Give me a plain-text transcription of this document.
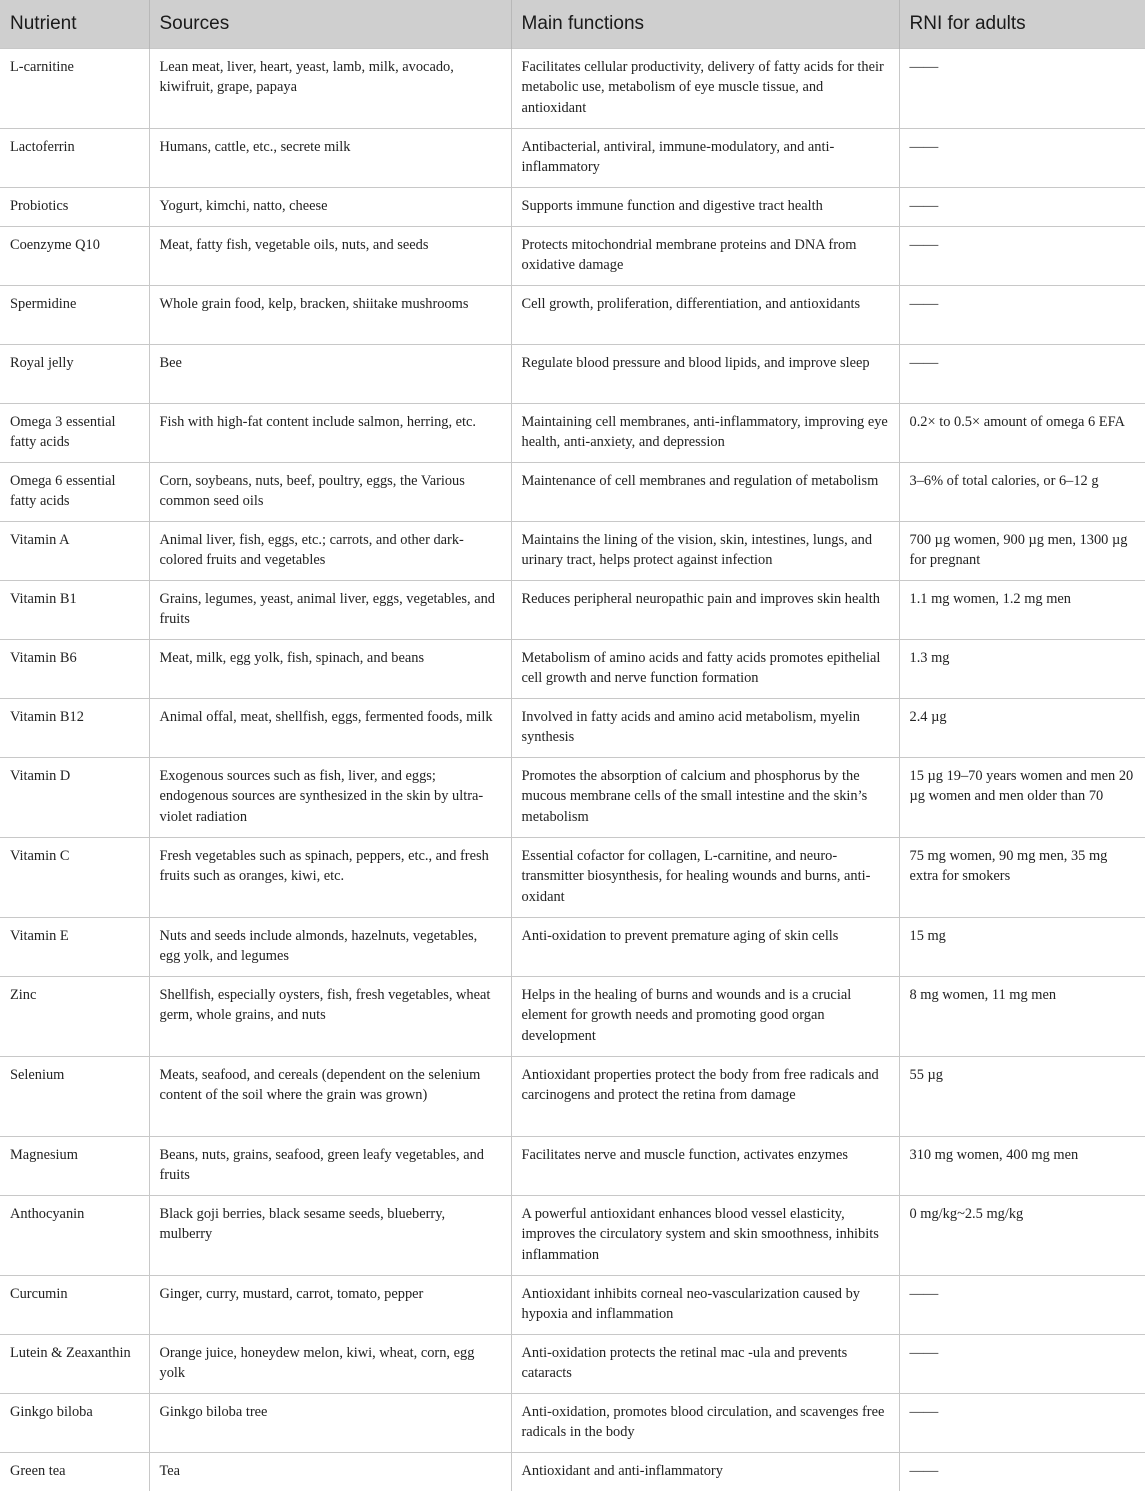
Nutrient	Sources	Main functions	RNI for adults
L-carnitine	Lean meat, liver, heart, yeast, lamb, milk, avocado, kiwifruit, grape, papaya	Facilitates cellular productivity, delivery of fatty acids for their metabolic use, metabolism of eye muscle tissue, and antioxidant	——
Lactoferrin	Humans, cattle, etc., secrete milk	Antibacterial, antiviral, immune-modulatory, and anti-inflammatory	——
Probiotics	Yogurt, kimchi, natto, cheese	Supports immune function and digestive tract health	——
Coenzyme Q10	Meat, fatty fish, vegetable oils, nuts, and seeds	Protects mitochondrial membrane proteins and DNA from oxidative damage	——
Spermidine	Whole grain food, kelp, bracken, shiitake mushrooms	Cell growth, proliferation, differentiation, and antioxidants	——
Royal jelly	Bee	Regulate blood pressure and blood lipids, and improve sleep	——
Omega 3 essential fatty acids	Fish with high-fat content include salmon, herring, etc.	Maintaining cell membranes, anti-inflammatory, improving eye health, anti-anxiety, and depression	0.2× to 0.5× amount of omega 6 EFA
Omega 6 essential fatty acids	Corn, soybeans, nuts, beef, poultry, eggs, the Various common seed oils	Maintenance of cell membranes and regulation of metabolism	3–6% of total calories, or 6–12 g
Vitamin A	Animal liver, fish, eggs, etc.; carrots, and other dark-colored fruits and vegetables	Maintains the lining of the vision, skin, intestines, lungs, and urinary tract, helps protect against infection	700 µg women, 900 µg men, 1300 µg for pregnant
Vitamin B1	Grains, legumes, yeast, animal liver, eggs, vegetables, and fruits	Reduces peripheral neuropathic pain and improves skin health	1.1 mg women, 1.2 mg men
Vitamin B6	Meat, milk, egg yolk, fish, spinach, and beans	Metabolism of amino acids and fatty acids promotes epithelial cell growth and nerve function formation	1.3 mg
Vitamin B12	Animal offal, meat, shellfish, eggs, fermented foods, milk	Involved in fatty acids and amino acid metabolism, myelin synthesis	2.4 µg
Vitamin D	Exogenous sources such as fish, liver, and eggs; endogenous sources are synthesized in the skin by ultra-violet radiation	Promotes the absorption of calcium and phosphorus by the mucous membrane cells of the small intestine and the skin’s metabolism	15 µg 19–70 years women and men 20 µg women and men older than 70
Vitamin C	Fresh vegetables such as spinach, peppers, etc., and fresh fruits such as oranges, kiwi, etc.	Essential cofactor for collagen, L-carnitine, and neuro-transmitter biosynthesis, for healing wounds and burns, anti-oxidant	75 mg women, 90 mg men, 35 mg extra for smokers
Vitamin E	Nuts and seeds include almonds, hazelnuts, vegetables, egg yolk, and legumes	Anti-oxidation to prevent premature aging of skin cells	15 mg
Zinc	Shellfish, especially oysters, fish, fresh vegetables, wheat germ, whole grains, and nuts	Helps in the healing of burns and wounds and is a crucial element for growth needs and promoting good organ development	8 mg women, 11 mg men
Selenium	Meats, seafood, and cereals (dependent on the selenium content of the soil where the grain was grown)	Antioxidant properties protect the body from free radicals and carcinogens and protect the retina from damage	55 µg
Magnesium	Beans, nuts, grains, seafood, green leafy vegetables, and fruits	Facilitates nerve and muscle function, activates enzymes	310 mg women, 400 mg men
Anthocyanin	Black goji berries, black sesame seeds, blueberry, mulberry	A powerful antioxidant enhances blood vessel elasticity, improves the circulatory system and skin smoothness, inhibits inflammation	0 mg/kg~2.5 mg/kg
Curcumin	Ginger, curry, mustard, carrot, tomato, pepper	Antioxidant inhibits corneal neo-vascularization caused by hypoxia and inflammation	——
Lutein & Zeaxanthin	Orange juice, honeydew melon, kiwi, wheat, corn, egg yolk	Anti-oxidation protects the retinal mac -ula and prevents cataracts	——
Ginkgo biloba	Ginkgo biloba tree	Anti-oxidation, promotes blood circulation, and scavenges free radicals in the body	——
Green tea	Tea	Antioxidant and anti-inflammatory	——
